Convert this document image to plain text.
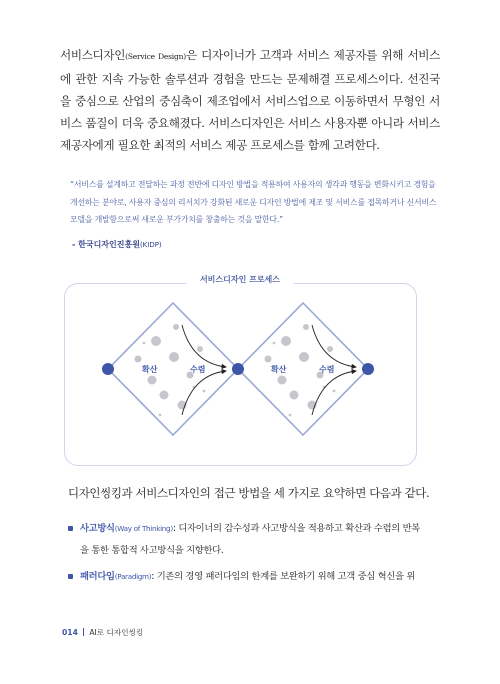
서비스디자인(Service Design)은 디자이너가 고객과 서비스 제공자를 위해 서비스에 관한 지속 가능한 솔루션과 경험을 만드는 문제해결 프로세스이다. 선진국을 중심으로 산업의 중심축이 제조업에서 서비스업으로 이동하면서 무형인 서비스 품질이 더욱 중요해졌다. 서비스디자인은 서비스 사용자뿐 아니라 서비스 제공자에게 필요한 최적의 서비스 제공 프로세스를 함께 고려한다.
“서비스를 설계하고 전달하는 과정 전반에 디자인 방법을 적용하여 사용자의 생각과 행동을 변화시키고 경험을 개선하는 분야로, 사용자 중심의 리서치가 강화된 새로운 디자인 방법에 제조 및 서비스를 접목하거나 신서비스 모델을 개발함으로써 새로운 부가가치를 창출하는 것을 말한다.”
- 한국디자인진흥원(KIDP)
서비스디자인 프로세스
확산	수렴	확산	수렴
디자인씽킹과 서비스디자인의 접근 방법을 세 가지로 요약하면 다음과 같다.
사고방식(Way of Thinking): 디자이너의 감수성과 사고방식을 적용하고 확산과 수렴의 반복
을 통한 통합적 사고방식을 지향한다.
패러다임(Paradigm): 기존의 경영 패러다임의 한계를 보완하기 위해 고객 중심 혁신을 위
014 AI로 디자인씽킹
